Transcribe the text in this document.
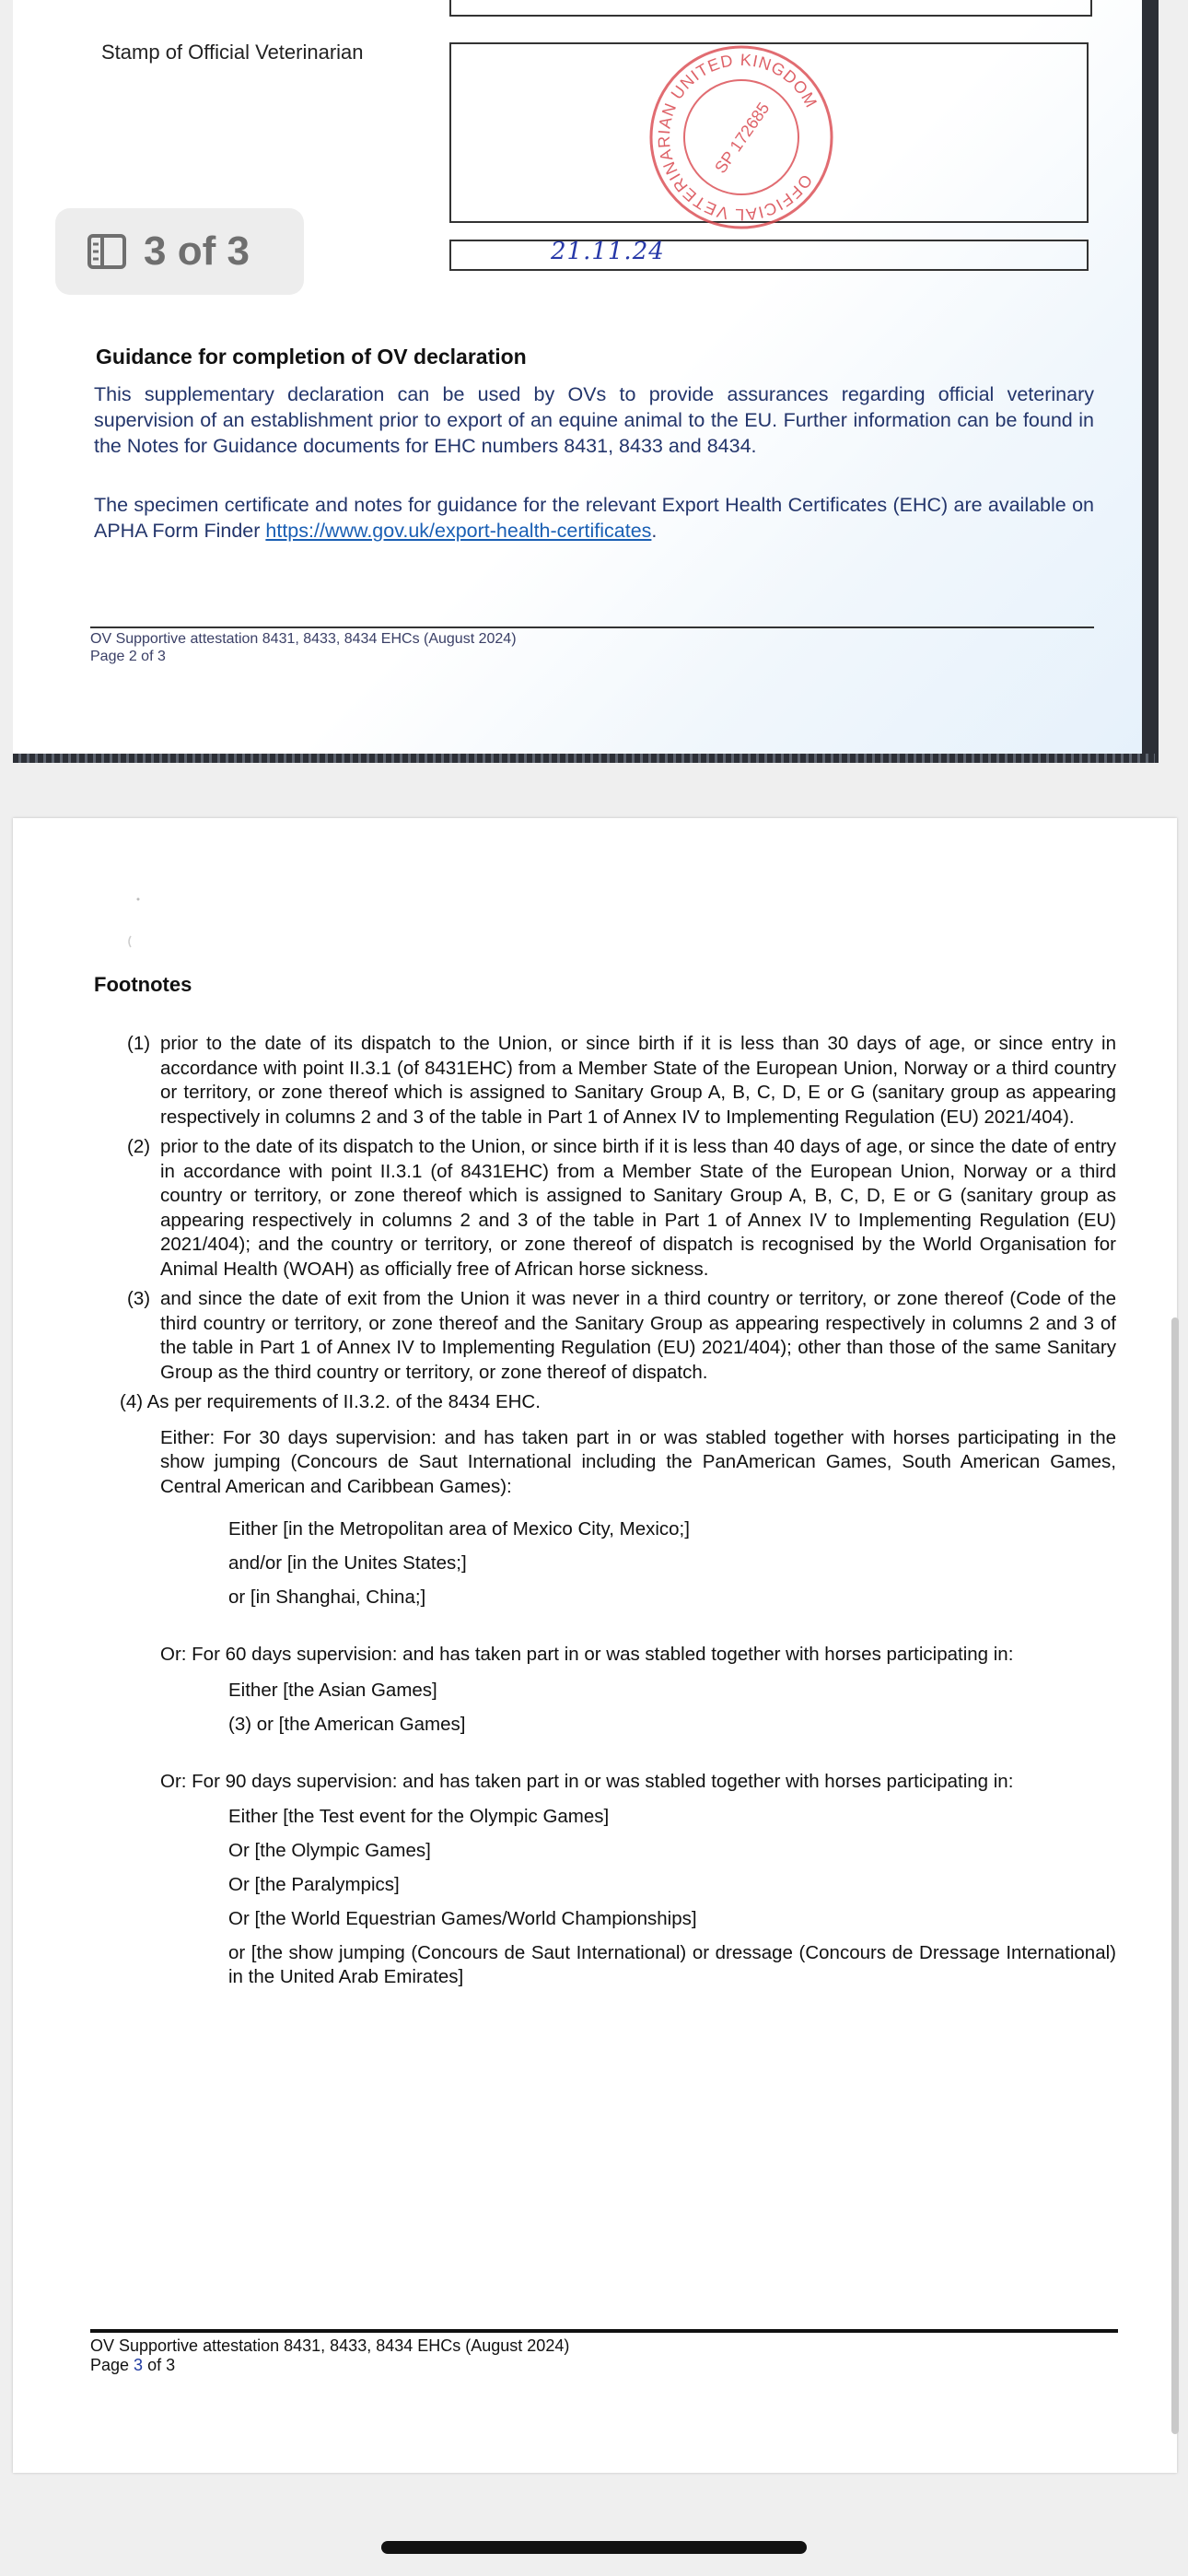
Stamp of Official Veterinarian
OFFICIAL VETERINARIAN UNITED KINGDOM
SP 172685
21.11.24
Guidance for completion of OV declaration

This supplementary declaration can be used by OVs to provide assurances regarding official veterinary supervision of an establishment prior to export of an equine animal to the EU. Further information can be found in the Notes for Guidance documents for EHC numbers 8431, 8433 and 8434.

The specimen certificate and notes for guidance for the relevant Export Health Certificates (EHC) are available on APHA Form Finder https://www.gov.uk/export-health-certificates.

OV Supportive attestation 8431, 8433, 8434 EHCs (August 2024)
Page 2 of 3
3 of 3
Footnotes
(1) prior to the date of its dispatch to the Union, or since birth if it is less than 30 days of age, or since entry in accordance with point II.3.1 (of 8431EHC) from a Member State of the European Union, Norway or a third country or territory, or zone thereof which is assigned to Sanitary Group A, B, C, D, E or G (sanitary group as appearing respectively in columns 2 and 3 of the table in Part 1 of Annex IV to Implementing Regulation (EU) 2021/404).
(2) prior to the date of its dispatch to the Union, or since birth if it is less than 40 days of age, or since the date of entry in accordance with point II.3.1 (of 8431EHC) from a Member State of the European Union, Norway or a third country or territory, or zone thereof which is assigned to Sanitary Group A, B, C, D, E or G (sanitary group as appearing respectively in columns 2 and 3 of the table in Part 1 of Annex IV to Implementing Regulation (EU) 2021/404); and the country or territory, or zone thereof of dispatch is recognised by the World Organisation for Animal Health (WOAH) as officially free of African horse sickness.
(3) and since the date of exit from the Union it was never in a third country or territory, or zone thereof (Code of the third country or territory, or zone thereof and the Sanitary Group as appearing respectively in columns 2 and 3 of the table in Part 1 of Annex IV to Implementing Regulation (EU) 2021/404); other than those of the same Sanitary Group as the third country or territory, or zone thereof of dispatch.
(4) As per requirements of II.3.2. of the 8434 EHC.

Either: For 30 days supervision: and has taken part in or was stabled together with horses participating in the show jumping (Concours de Saut International including the PanAmerican Games, South American Games, Central American and Caribbean Games):

Either [in the Metropolitan area of Mexico City, Mexico;]

and/or [in the Unites States;]

or [in Shanghai, China;]

Or: For 60 days supervision: and has taken part in or was stabled together with horses participating in:

Either [the Asian Games]

(3) or [the American Games]

Or: For 90 days supervision: and has taken part in or was stabled together with horses participating in:

Either [the Test event for the Olympic Games]

Or [the Olympic Games]

Or [the Paralympics]

Or [the World Equestrian Games/World Championships]

or [the show jumping (Concours de Saut International) or dressage (Concours de Dressage International) in the United Arab Emirates]

OV Supportive attestation 8431, 8433, 8434 EHCs (August 2024)
Page 3 of 3
